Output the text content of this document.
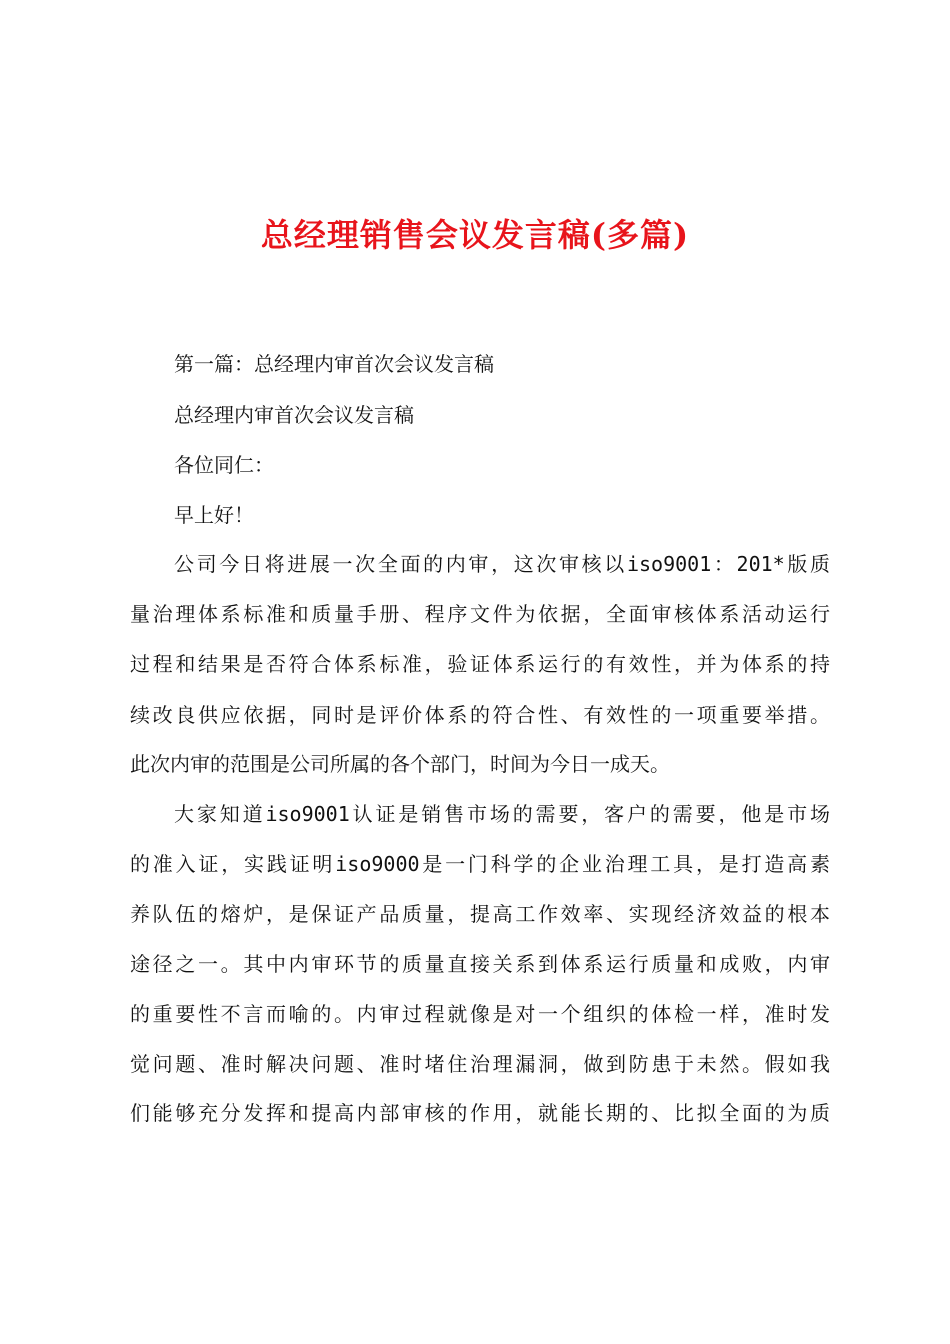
总经理销售会议发言稿(多篇)

第一篇：总经理内审首次会议发言稿

总经理内审首次会议发言稿

各位同仁：

早上好！

公司今日将进展一次全面的内审，这次审核以iso9001：201*版质

量治理体系标准和质量手册、程序文件为依据，全面审核体系活动运行

过程和结果是否符合体系标准，验证体系运行的有效性，并为体系的持

续改良供应依据，同时是评价体系的符合性、有效性的一项重要举措。

此次内审的范围是公司所属的各个部门，时间为今日一成天。

大家知道iso9001认证是销售市场的需要，客户的需要，他是市场

的准入证，实践证明iso9000是一门科学的企业治理工具，是打造高素

养队伍的熔炉，是保证产品质量，提高工作效率、实现经济效益的根本

途径之一。其中内审环节的质量直接关系到体系运行质量和成败，内审

的重要性不言而喻的。内审过程就像是对一个组织的体检一样，准时发

觉问题、准时解决问题、准时堵住治理漏洞，做到防患于未然。假如我

们能够充分发挥和提高内部审核的作用，就能长期的、比拟全面的为质
